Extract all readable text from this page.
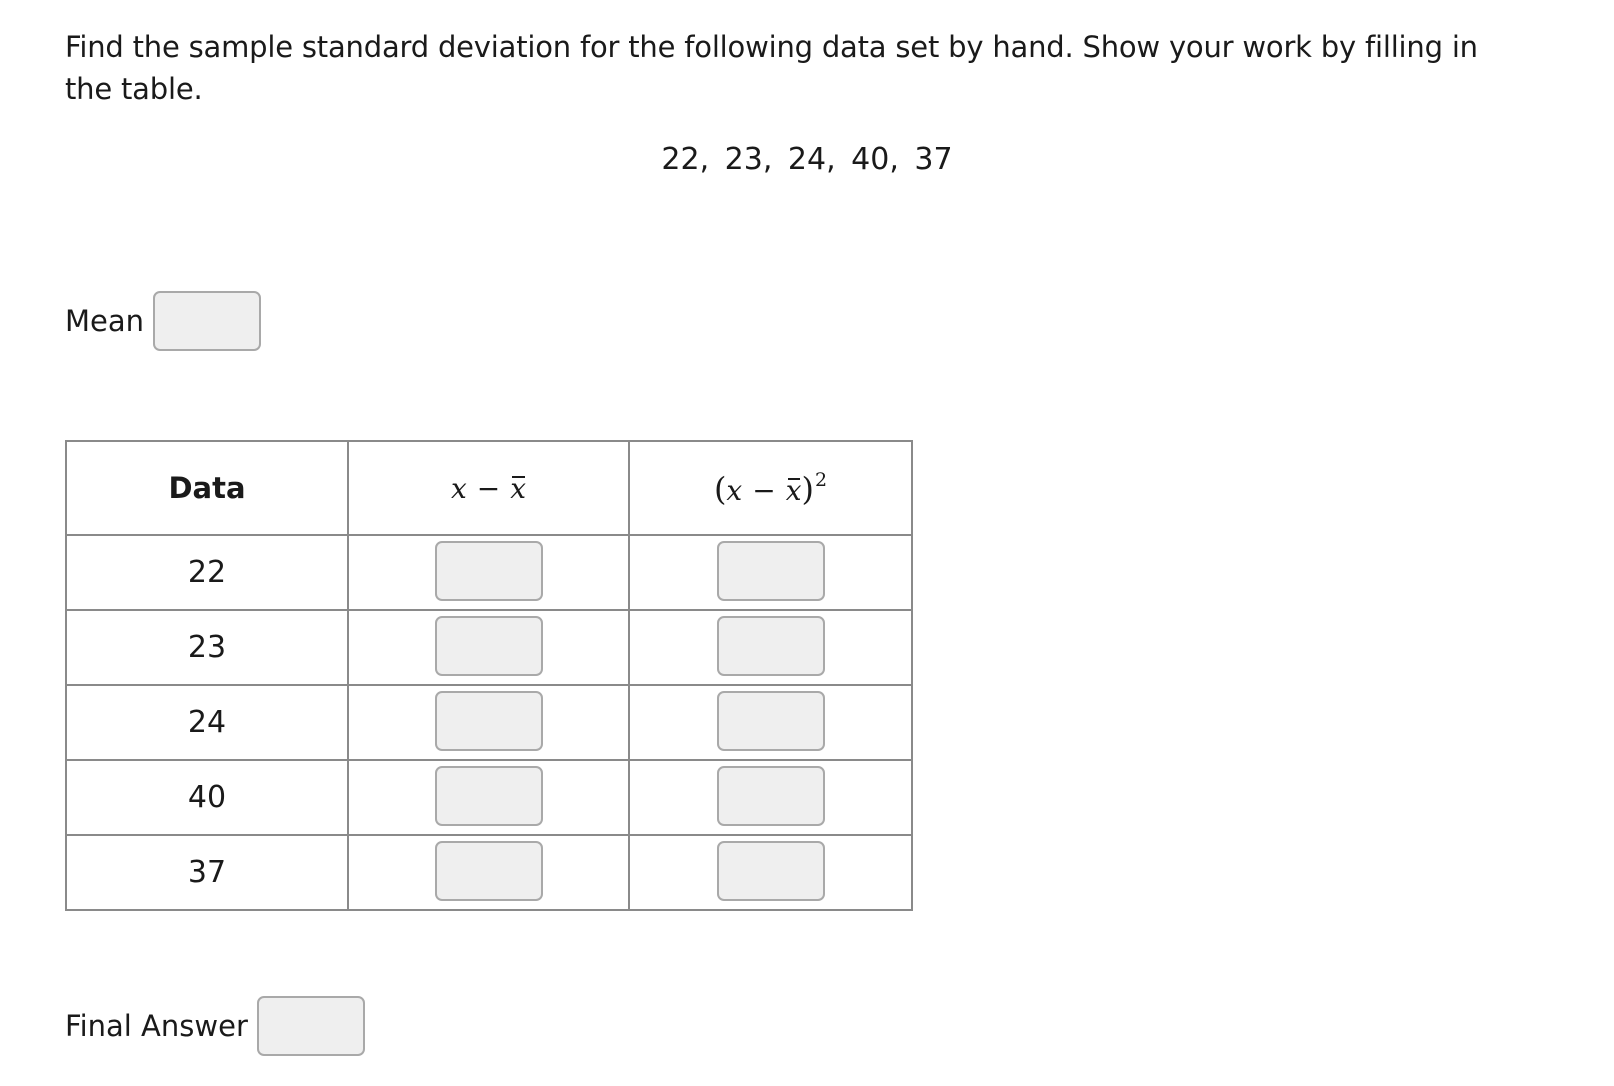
Find the sample standard deviation for the following data set by hand. Show your work by filling in the table.
22, 23, 24, 40, 37
Mean
Data	x − x	$(x - x)^2$
22		
23		
24		
40		
37		
Final Answer
